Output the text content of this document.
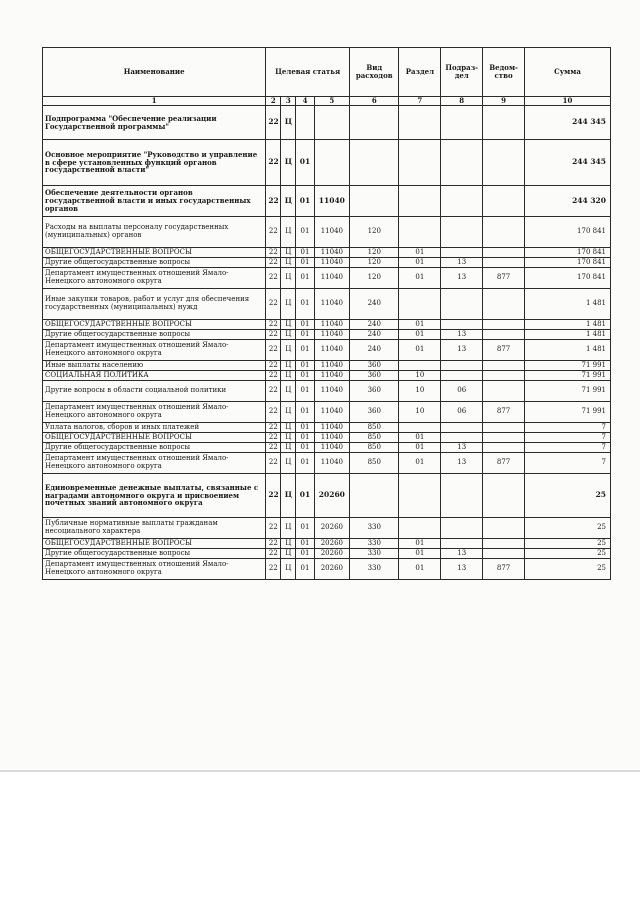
Наименование	Целевая статья				Вид расходов	Раздел	Подраз- дел	Ведом- ство	Сумма
1	2	3	4	5	6	7	8	9	10
Подпрограмма "Обеспечение реализации Государственной программы"	22	Ц							244 345
Основное мероприятие "Руководство и управление в сфере установленных функций органов государственной власти"	22	Ц	01						244 345
Обеспечение деятельности органов государственной власти и иных государственных органов	22	Ц	01	11040					244 320
Расходы на выплаты персоналу государственных (муниципальных) органов	22	Ц	01	11040	120				170 841
ОБЩЕГОСУДАРСТВЕННЫЕ ВОПРОСЫ	22	Ц	01	11040	120	01			170 841
Другие общегосударственные вопросы	22	Ц	01	11040	120	01	13		170 841
Департамент имущественных отношений Ямало-Ненецкого автономного округа	22	Ц	01	11040	120	01	13	877	170 841
Иные закупки товаров, работ и услуг для обеспечения государственных (муниципальных) нужд	22	Ц	01	11040	240				1 481
ОБЩЕГОСУДАРСТВЕННЫЕ ВОПРОСЫ	22	Ц	01	11040	240	01			1 481
Другие общегосударственные вопросы	22	Ц	01	11040	240	01	13		1 481
Департамент имущественных отношений Ямало-Ненецкого автономного округа	22	Ц	01	11040	240	01	13	877	1 481
Иные выплаты населению	22	Ц	01	11040	360				71 991
СОЦИАЛЬНАЯ ПОЛИТИКА	22	Ц	01	11040	360	10			71 991
Другие вопросы в области социальной политики	22	Ц	01	11040	360	10	06		71 991
Департамент имущественных отношений Ямало-Ненецкого автономного округа	22	Ц	01	11040	360	10	06	877	71 991
Уплата налогов, сборов и иных платежей	22	Ц	01	11040	850				7
ОБЩЕГОСУДАРСТВЕННЫЕ ВОПРОСЫ	22	Ц	01	11040	850	01			7
Другие общегосударственные вопросы	22	Ц	01	11040	850	01	13		7
Департамент имущественных отношений Ямало-Ненецкого автономного округа	22	Ц	01	11040	850	01	13	877	7
Единовременные денежные выплаты, связанные с наградами автономного округа и присвоением почетных званий автономного округа	22	Ц	01	20260					25
Публичные нормативные выплаты гражданам несоциального характера	22	Ц	01	20260	330				25
ОБЩЕГОСУДАРСТВЕННЫЕ ВОПРОСЫ	22	Ц	01	20260	330	01			25
Другие общегосударственные вопросы	22	Ц	01	20260	330	01	13		25
Департамент имущественных отношений Ямало-Ненецкого автономного округа	22	Ц	01	20260	330	01	13	877	25
